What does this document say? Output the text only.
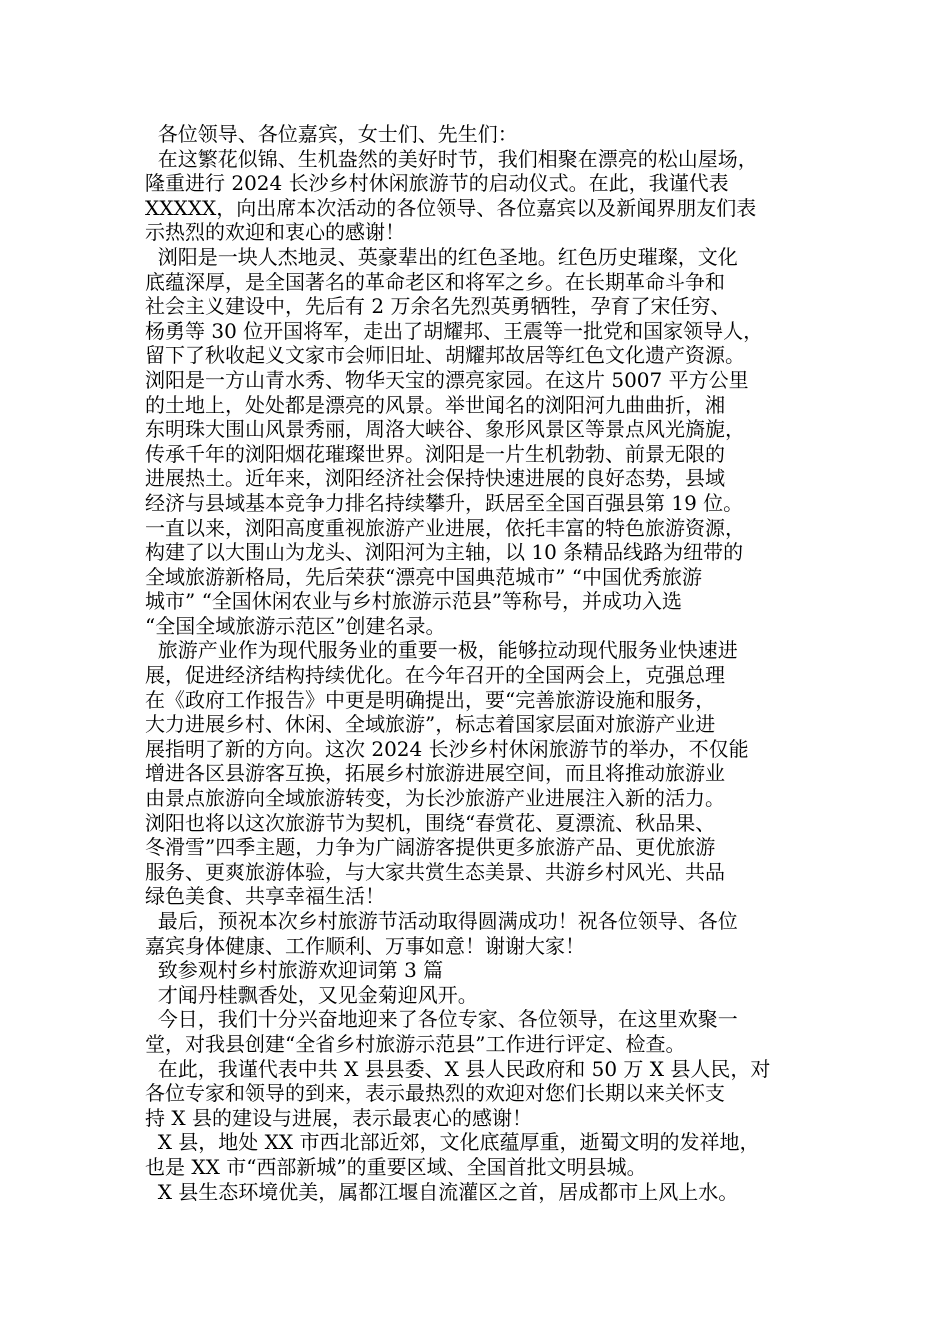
各位领导、各位嘉宾，女士们、先生们：
在这繁花似锦、生机盎然的美好时节，我们相聚在漂亮的松山屋场，
隆重进行 2024 长沙乡村休闲旅游节的启动仪式。在此，我谨代表
XXXXX，向出席本次活动的各位领导、各位嘉宾以及新闻界朋友们表
示热烈的欢迎和衷心的感谢！
浏阳是一块人杰地灵、英豪辈出的红色圣地。红色历史璀璨，文化
底蕴深厚，是全国著名的革命老区和将军之乡。在长期革命斗争和
社会主义建设中，先后有 2 万余名先烈英勇牺牲，孕育了宋任穷、
杨勇等 30 位开国将军，走出了胡耀邦、王震等一批党和国家领导人，
留下了秋收起义文家市会师旧址、胡耀邦故居等红色文化遗产资源。
浏阳是一方山青水秀、物华天宝的漂亮家园。在这片 5007 平方公里
的土地上，处处都是漂亮的风景。举世闻名的浏阳河九曲曲折，湘
东明珠大围山风景秀丽，周洛大峡谷、象形风景区等景点风光旖旎，
传承千年的浏阳烟花璀璨世界。浏阳是一片生机勃勃、前景无限的
进展热土。近年来，浏阳经济社会保持快速进展的良好态势，县域
经济与县域基本竞争力排名持续攀升，跃居至全国百强县第 19 位。
一直以来，浏阳高度重视旅游产业进展，依托丰富的特色旅游资源，
构建了以大围山为龙头、浏阳河为主轴，以 10 条精品线路为纽带的
全域旅游新格局，先后荣获“漂亮中国典范城市” “中国优秀旅游
城市” “全国休闲农业与乡村旅游示范县”等称号，并成功入选
“全国全域旅游示范区”创建名录。
旅游产业作为现代服务业的重要一极，能够拉动现代服务业快速进
展，促进经济结构持续优化。在今年召开的全国两会上，克强总理
在《政府工作报告》中更是明确提出，要“完善旅游设施和服务，
大力进展乡村、休闲、全域旅游”，标志着国家层面对旅游产业进
展指明了新的方向。这次 2024 长沙乡村休闲旅游节的举办，不仅能
增进各区县游客互换，拓展乡村旅游进展空间，而且将推动旅游业
由景点旅游向全域旅游转变，为长沙旅游产业进展注入新的活力。
浏阳也将以这次旅游节为契机，围绕“春赏花、夏漂流、秋品果、
冬滑雪”四季主题，力争为广阔游客提供更多旅游产品、更优旅游
服务、更爽旅游体验，与大家共赏生态美景、共游乡村风光、共品
绿色美食、共享幸福生活！
最后，预祝本次乡村旅游节活动取得圆满成功！祝各位领导、各位
嘉宾身体健康、工作顺利、万事如意！谢谢大家！
致参观村乡村旅游欢迎词第 3 篇
才闻丹桂飘香处，又见金菊迎风开。
今日，我们十分兴奋地迎来了各位专家、各位领导，在这里欢聚一
堂，对我县创建“全省乡村旅游示范县”工作进行评定、检查。
在此，我谨代表中共 X 县县委、X 县人民政府和 50 万 X 县人民，对
各位专家和领导的到来，表示最热烈的欢迎对您们长期以来关怀支
持 X 县的建设与进展，表示最衷心的感谢！
X 县，地处 XX 市西北部近郊，文化底蕴厚重，逝蜀文明的发祥地，
也是 XX 市“西部新城”的重要区域、全国首批文明县城。
X 县生态环境优美，属都江堰自流灌区之首，居成都市上风上水。
